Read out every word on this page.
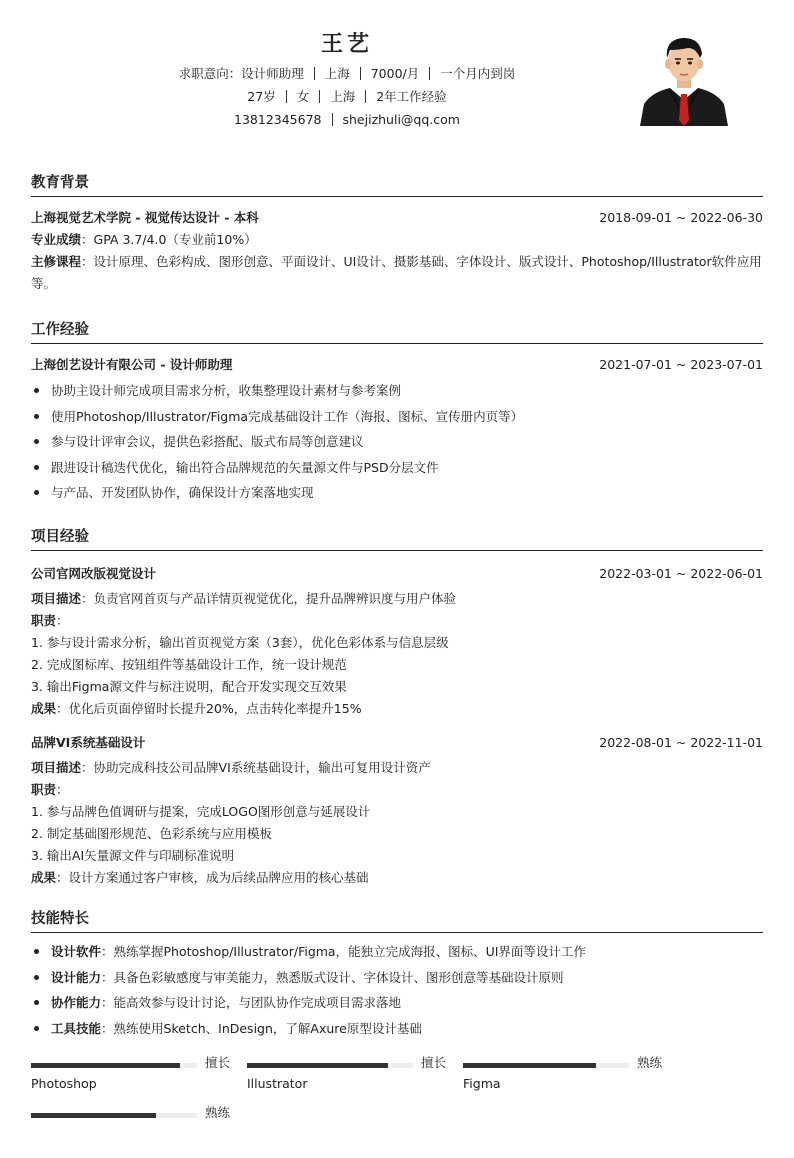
王艺
求职意向：设计师助理 上海 7000/月 一个月内到岗
27岁 女 上海 2年工作经验
13812345678 shejizhuli@qq.com
教育背景
上海视觉艺术学院 - 视觉传达设计 - 本科	2018-09-01 ~ 2022-06-30
专业成绩：GPA 3.7/4.0（专业前10%）
主修课程：设计原理、色彩构成、图形创意、平面设计、UI设计、摄影基础、字体设计、版式设计、Photoshop/Illustrator软件应用等。
工作经验
上海创艺设计有限公司 - 设计师助理	2021-07-01 ~ 2023-07-01
协助主设计师完成项目需求分析，收集整理设计素材与参考案例
使用Photoshop/Illustrator/Figma完成基础设计工作（海报、图标、宣传册内页等）
参与设计评审会议，提供色彩搭配、版式布局等创意建议
跟进设计稿迭代优化，输出符合品牌规范的矢量源文件与PSD分层文件
与产品、开发团队协作，确保设计方案落地实现
项目经验
公司官网改版视觉设计	2022-03-01 ~ 2022-06-01
项目描述：负责官网首页与产品详情页视觉优化，提升品牌辨识度与用户体验
职责：
1. 参与设计需求分析，输出首页视觉方案（3套），优化色彩体系与信息层级
2. 完成图标库、按钮组件等基础设计工作，统一设计规范
3. 输出Figma源文件与标注说明，配合开发实现交互效果
成果：优化后页面停留时长提升20%，点击转化率提升15%
品牌VI系统基础设计	2022-08-01 ~ 2022-11-01
项目描述：协助完成科技公司品牌VI系统基础设计，输出可复用设计资产
职责：
1. 参与品牌色值调研与提案，完成LOGO图形创意与延展设计
2. 制定基础图形规范、色彩系统与应用模板
3. 输出AI矢量源文件与印刷标准说明
成果：设计方案通过客户审核，成为后续品牌应用的核心基础
技能特长
设计软件：熟练掌握Photoshop/Illustrator/Figma，能独立完成海报、图标、UI界面等设计工作
设计能力：具备色彩敏感度与审美能力，熟悉版式设计、字体设计、图形创意等基础设计原则
协作能力：能高效参与设计讨论，与团队协作完成项目需求落地
工具技能：熟练使用Sketch、InDesign，了解Axure原型设计基础
擅长
Photoshop
擅长
Illustrator
熟练
Figma
熟练
